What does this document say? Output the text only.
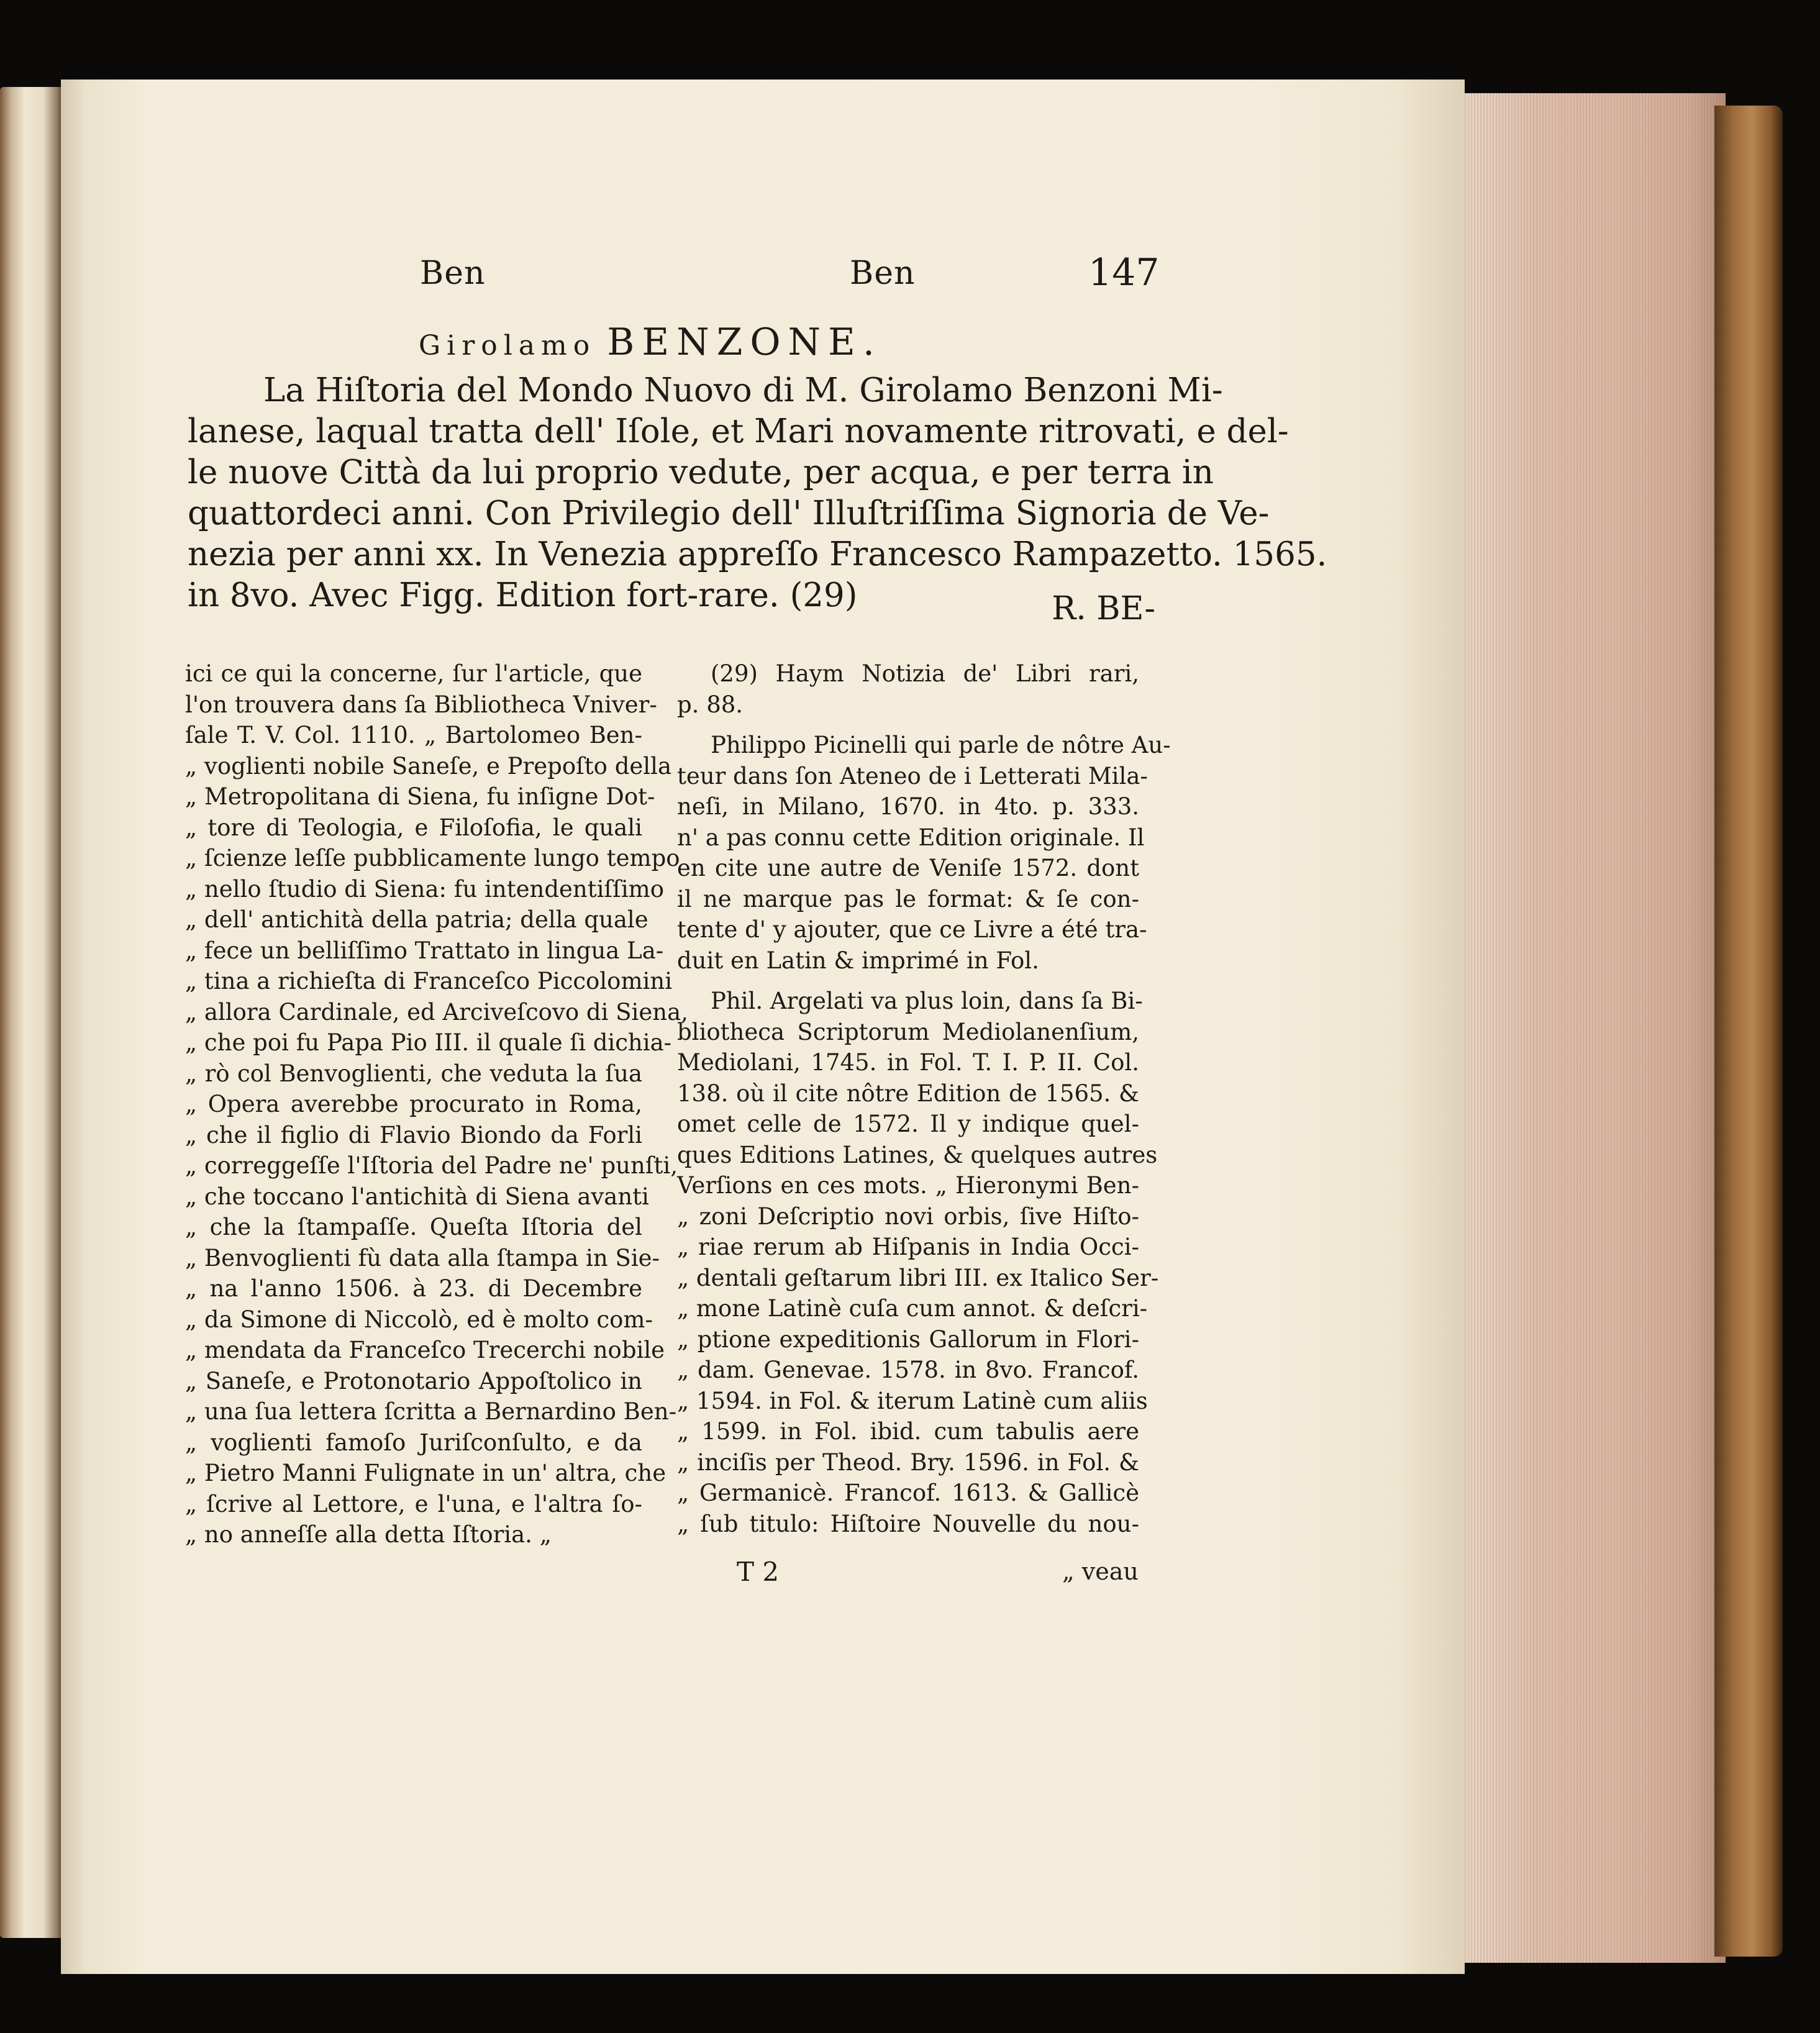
Ben	Ben	147
Girolamo BENZONE.
La Hiſtoria del Mondo Nuovo di M. Girolamo Benzoni Mi-
lanese, laqual tratta dell' Iſole, et Mari novamente ritrovati, e del-
le nuove Città da lui proprio vedute, per acqua, e per terra in
quattordeci anni. Con Privilegio dell' Illuſtriſſima Signoria de Ve-
nezia per anni xx. In Venezia appreſſo Francesco Rampazetto. 1565.
in 8vo. Avec Figg. Edition fort-rare. (29)	R. BE-
ici ce qui la concerne, ſur l'article, que
l'on trouvera dans ſa Bibliotheca Vniver-
ſale T. V. Col. 1110. „ Bartolomeo Ben-
„ voglienti nobile Saneſe, e Prepoſto della
„ Metropolitana di Siena, fu inſigne Dot-
„ tore di Teologia, e Filoſofia, le quali
„ ſcienze leſſe pubblicamente lungo tempo
„ nello ſtudio di Siena: fu intendentiſſimo
„ dell' antichità della patria; della quale
„ fece un belliſſimo Trattato in lingua La-
„ tina a richieſta di Franceſco Piccolomini
„ allora Cardinale, ed Arciveſcovo di Siena,
„ che poi fu Papa Pio III. il quale ſi dichia-
„ rò col Benvoglienti, che veduta la ſua
„ Opera averebbe procurato in Roma,
„ che il figlio di Flavio Biondo da Forli
„ correggeſſe l'Iſtoria del Padre ne' punſti,
„ che toccano l'antichità di Siena avanti
„ che la ſtampaſſe. Queſta Iſtoria del
„ Benvoglienti fù data alla ſtampa in Sie-
„ na l'anno 1506. à 23. di Decembre
„ da Simone di Niccolò, ed è molto com-
„ mendata da Franceſco Trecerchi nobile
„ Saneſe, e Protonotario Appoſtolico in
„ una ſua lettera ſcritta a Bernardino Ben-
„ voglienti famoſo Juriſconſulto, e da
„ Pietro Manni Fulignate in un' altra, che
„ ſcrive al Lettore, e l'una, e l'altra ſo-
„ no anneſſe alla detta Iſtoria. „
(29) Haym Notizia de' Libri rari,
p. 88.
Philippo Picinelli qui parle de nôtre Au-
teur dans ſon Ateneo de i Letterati Mila-
neſi, in Milano, 1670. in 4to. p. 333.
n' a pas connu cette Edition originale. Il
en cite une autre de Veniſe 1572. dont
il ne marque pas le format: & ſe con-
tente d' y ajouter, que ce Livre a été tra-
duit en Latin & imprimé in Fol.
Phil. Argelati va plus loin, dans ſa Bi-
bliotheca Scriptorum Mediolanenſium,
Mediolani, 1745. in Fol. T. I. P. II. Col.
138. où il cite nôtre Edition de 1565. &
omet celle de 1572. Il y indique quel-
ques Editions Latines, & quelques autres
Verſions en ces mots. „ Hieronymi Ben-
„ zoni Deſcriptio novi orbis, ſive Hiſto-
„ riae rerum ab Hiſpanis in India Occi-
„ dentali geſtarum libri III. ex Italico Ser-
„ mone Latinè cuſa cum annot. & deſcri-
„ ptione expeditionis Gallorum in Flori-
„ dam. Genevae. 1578. in 8vo. Francof.
„ 1594. in Fol. & iterum Latinè cum aliis
„ 1599. in Fol. ibid. cum tabulis aere
„ inciſis per Theod. Bry. 1596. in Fol. &
„ Germanicè. Francof. 1613. & Gallicè
„ ſub titulo: Hiſtoire Nouvelle du nou-
T 2	„ veau
